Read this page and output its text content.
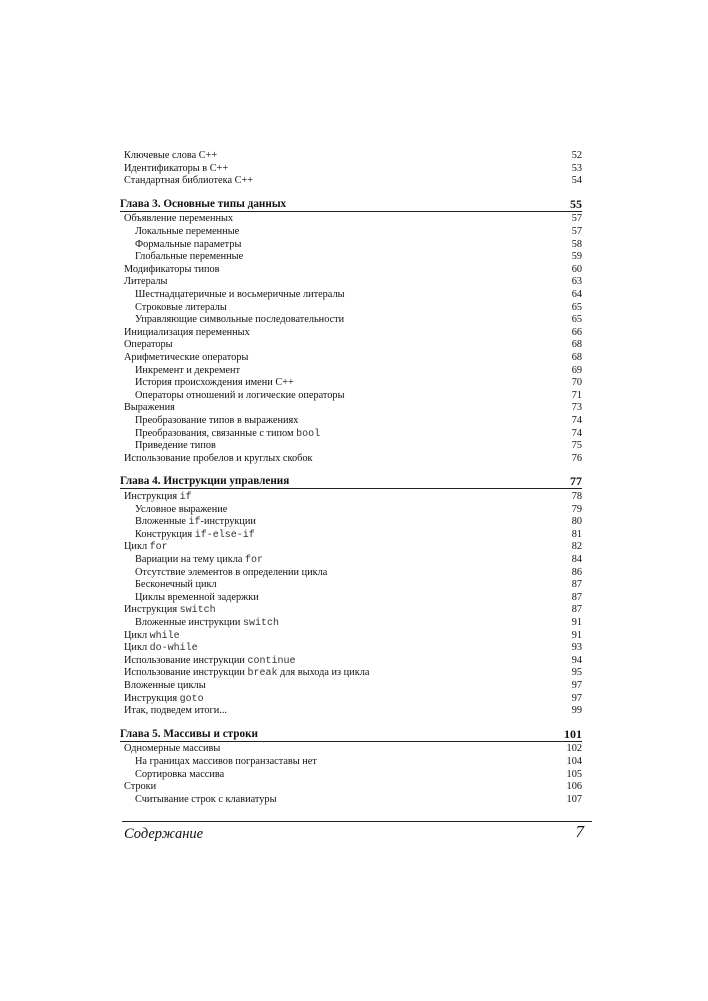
Ключевые слова C++	52
Идентификаторы в C++	53
Стандартная библиотека C++	54
Глава 3. Основные типы данных	55
Объявление переменных	57
Локальные переменные	57
Формальные параметры	58
Глобальные переменные	59
Модификаторы типов	60
Литералы	63
Шестнадцатеричные и восьмеричные литералы	64
Строковые литералы	65
Управляющие символьные последовательности	65
Инициализация переменных	66
Операторы	68
Арифметические операторы	68
Инкремент и декремент	69
История происхождения имени C++	70
Операторы отношений и логические операторы	71
Выражения	73
Преобразование типов в выражениях	74
Преобразования, связанные с типом bool	74
Приведение типов	75
Использование пробелов и круглых скобок	76
Глава 4. Инструкции управления	77
Инструкция if	78
Условное выражение	79
Вложенные if-инструкции	80
Конструкция if-else-if	81
Цикл for	82
Вариации на тему цикла for	84
Отсутствие элементов в определении цикла	86
Бесконечный цикл	87
Циклы временной задержки	87
Инструкция switch	87
Вложенные инструкции switch	91
Цикл while	91
Цикл do-while	93
Использование инструкции continue	94
Использование инструкции break для выхода из цикла	95
Вложенные циклы	97
Инструкция goto	97
Итак, подведем итоги...	99
Глава 5. Массивы и строки	101
Одномерные массивы	102
На границах массивов погранзаставы нет	104
Сортировка массива	105
Строки	106
Считывание строк с клавиатуры	107
Содержание	7
